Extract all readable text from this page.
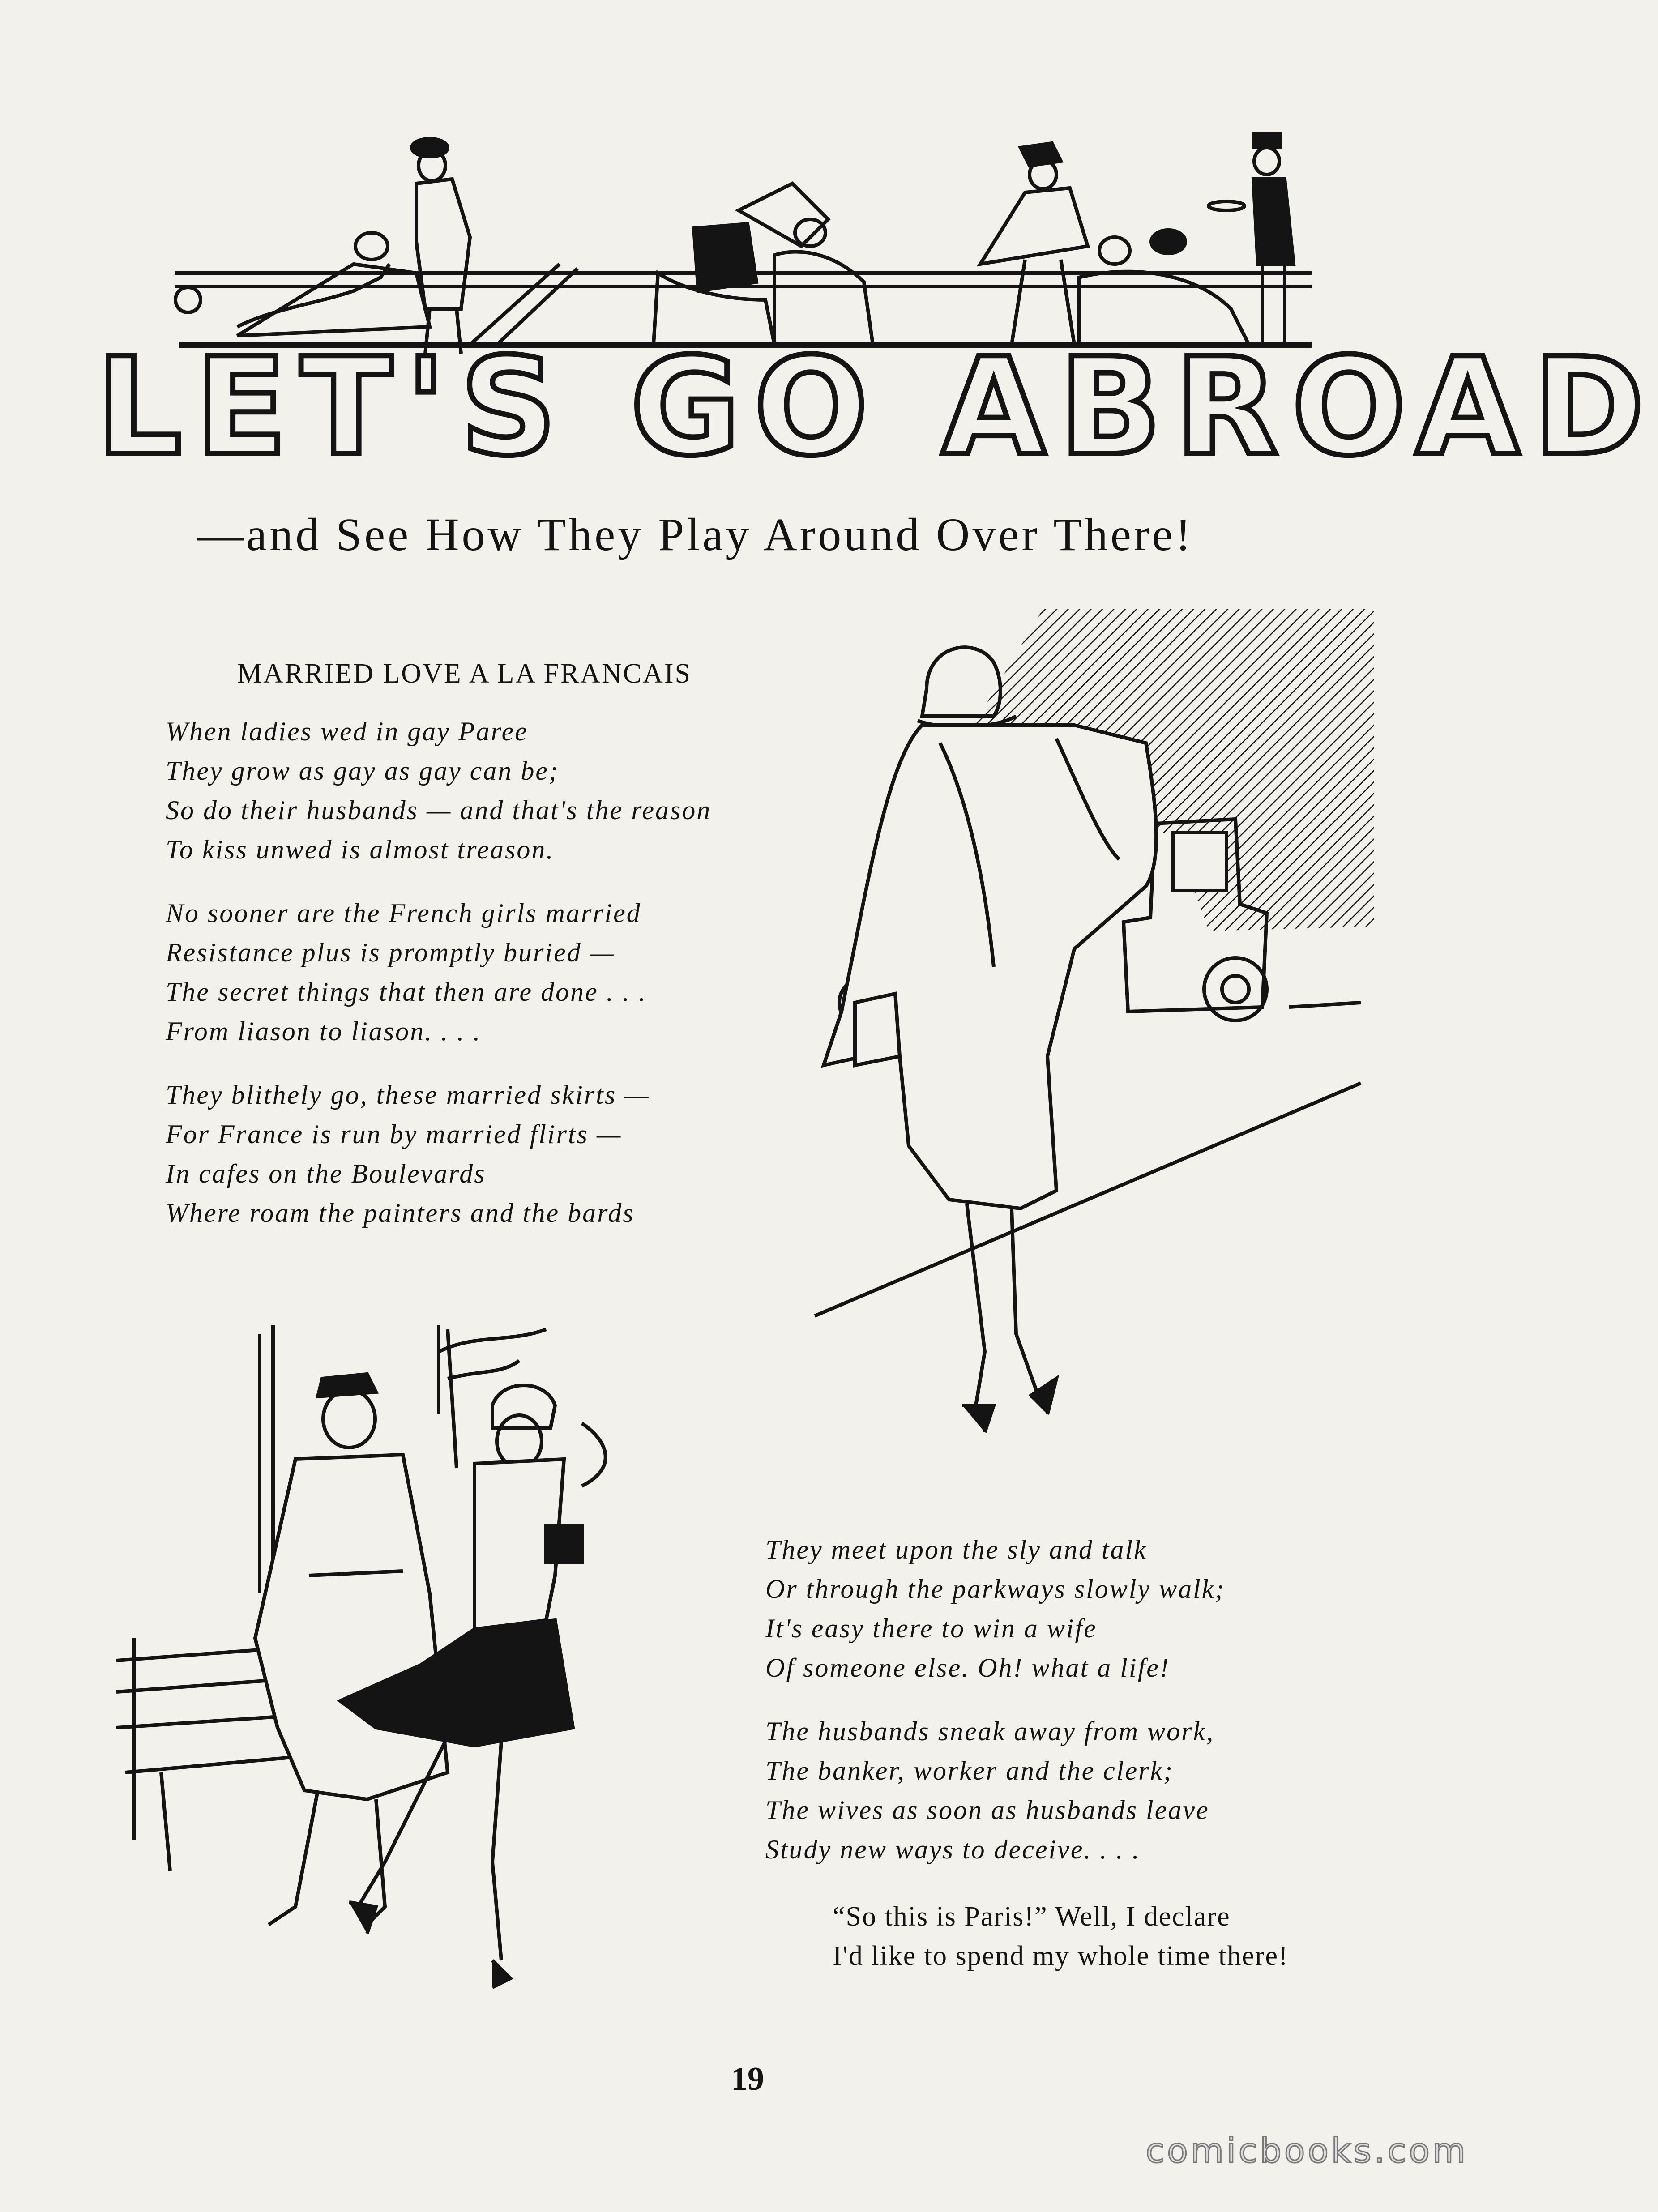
LET'S GO ABROAD
—and See How They Play Around Over There!
MARRIED LOVE A LA FRANCAIS
When ladies wed in gay Paree
They grow as gay as gay can be;
So do their husbands — and that's the reason
To kiss unwed is almost treason.
No sooner are the French girls married
Resistance plus is promptly buried —
The secret things that then are done . . .
From liason to liason. . . .
They blithely go, these married skirts —
For France is run by married flirts —
In cafes on the Boulevards
Where roam the painters and the bards
They meet upon the sly and talk
Or through the parkways slowly walk;
It's easy there to win a wife
Of someone else. Oh! what a life!
The husbands sneak away from work,
The banker, worker and the clerk;
The wives as soon as husbands leave
Study new ways to deceive. . . .
“So this is Paris!” Well, I declare
I'd like to spend my whole time there!
19
comicbooks.com
